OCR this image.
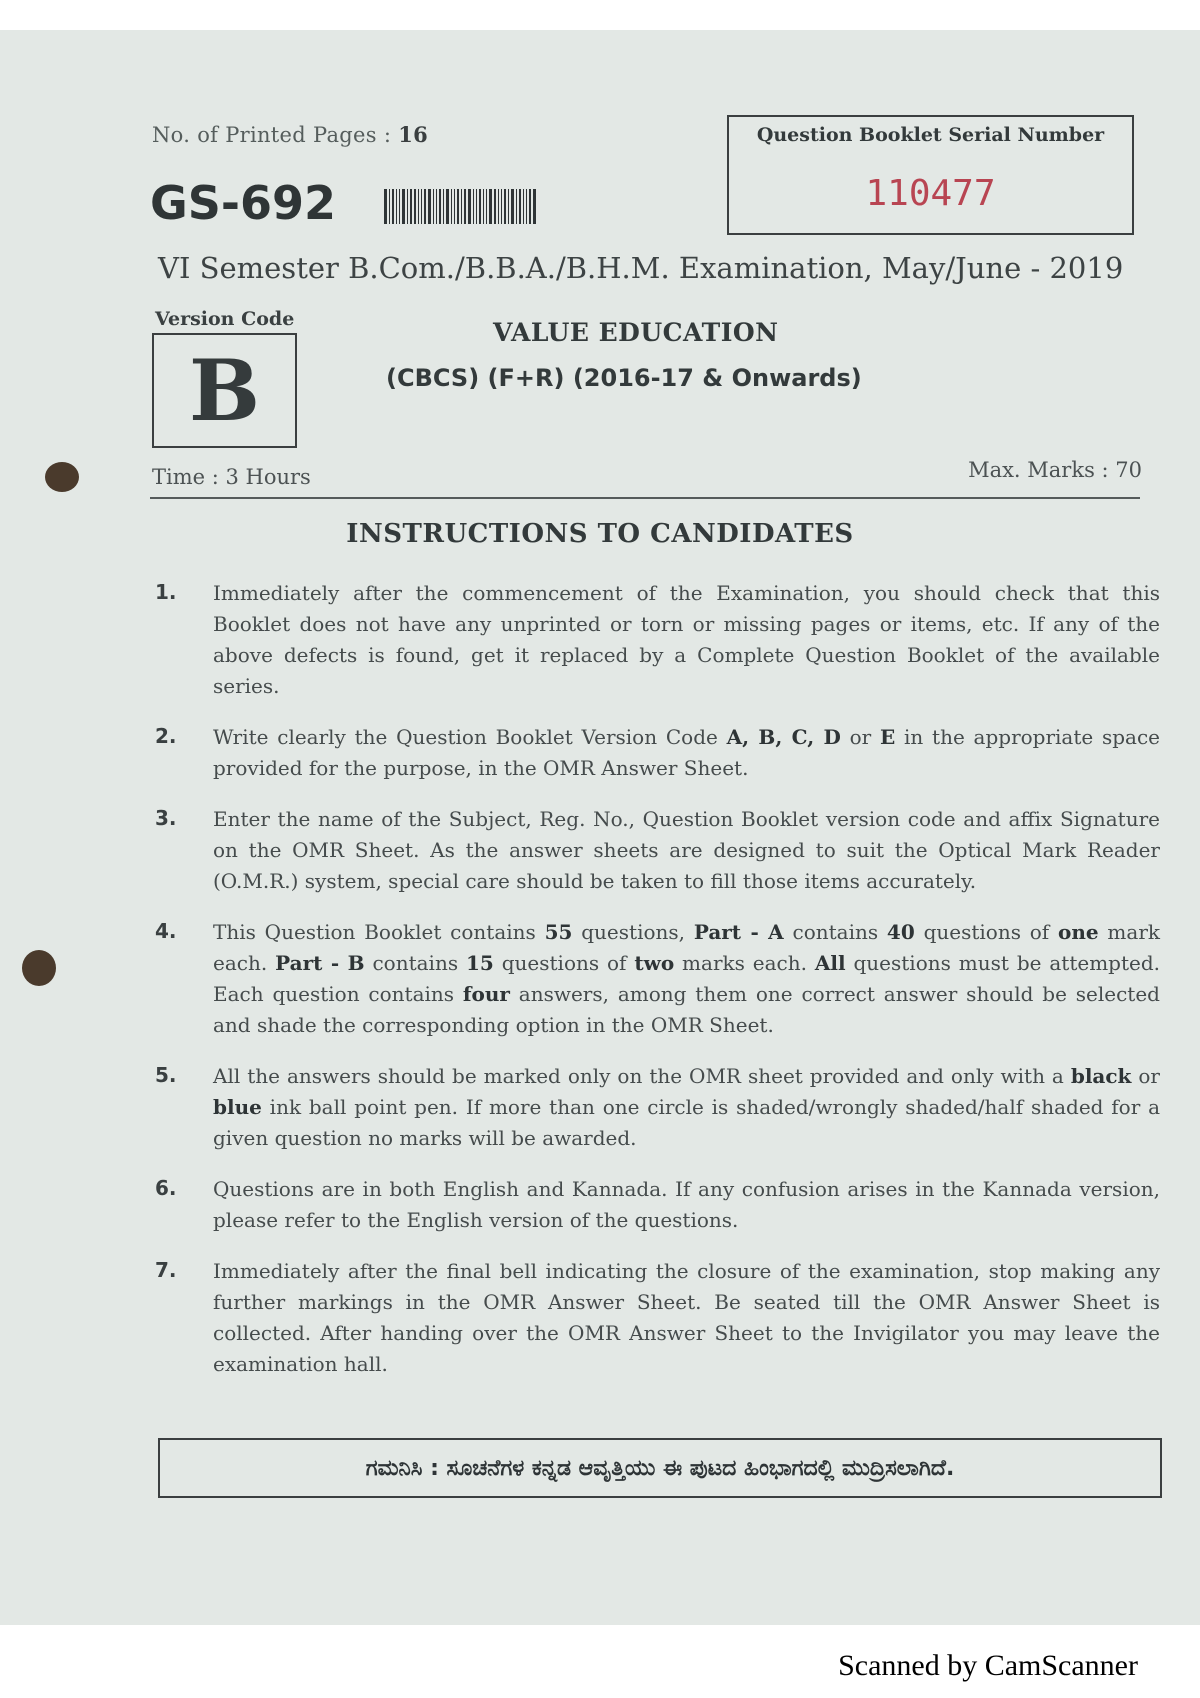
No. of Printed Pages : 16	Question Booklet Serial Number
110477
GS-692
VI Semester B.Com./B.B.A./B.H.M. Examination, May/June - 2019
Version Code
B
VALUE EDUCATION
(CBCS) (F+R) (2016-17 & Onwards)
Time : 3 Hours	Max. Marks : 70
INSTRUCTIONS TO CANDIDATES
1.	Immediately after the commencement of the Examination, you should check that this Booklet does not have any unprinted or torn or missing pages or items, etc. If any of the above defects is found, get it replaced by a Complete Question Booklet of the available series.
2.	Write clearly the Question Booklet Version Code A, B, C, D or E in the appropriate space provided for the purpose, in the OMR Answer Sheet.
3.	Enter the name of the Subject, Reg. No., Question Booklet version code and affix Signature on the OMR Sheet. As the answer sheets are designed to suit the Optical Mark Reader (O.M.R.) system, special care should be taken to fill those items accurately.
4.	This Question Booklet contains 55 questions, Part - A contains 40 questions of one mark each. Part - B contains 15 questions of two marks each. All questions must be attempted. Each question contains four answers, among them one correct answer should be selected and shade the corresponding option in the OMR Sheet.
5.	All the answers should be marked only on the OMR sheet provided and only with a black or blue ink ball point pen. If more than one circle is shaded/wrongly shaded/half shaded for a given question no marks will be awarded.
6.	Questions are in both English and Kannada. If any confusion arises in the Kannada version, please refer to the English version of the questions.
7.	Immediately after the final bell indicating the closure of the examination, stop making any further markings in the OMR Answer Sheet. Be seated till the OMR Answer Sheet is collected. After handing over the OMR Answer Sheet to the Invigilator you may leave the examination hall.
ಗಮನಿಸಿ : ಸೂಚನೆಗಳ ಕನ್ನಡ ಆವೃತ್ತಿಯು ಈ ಪುಟದ ಹಿಂಭಾಗದಲ್ಲಿ ಮುದ್ರಿಸಲಾಗಿದೆ.
Scanned by CamScanner
